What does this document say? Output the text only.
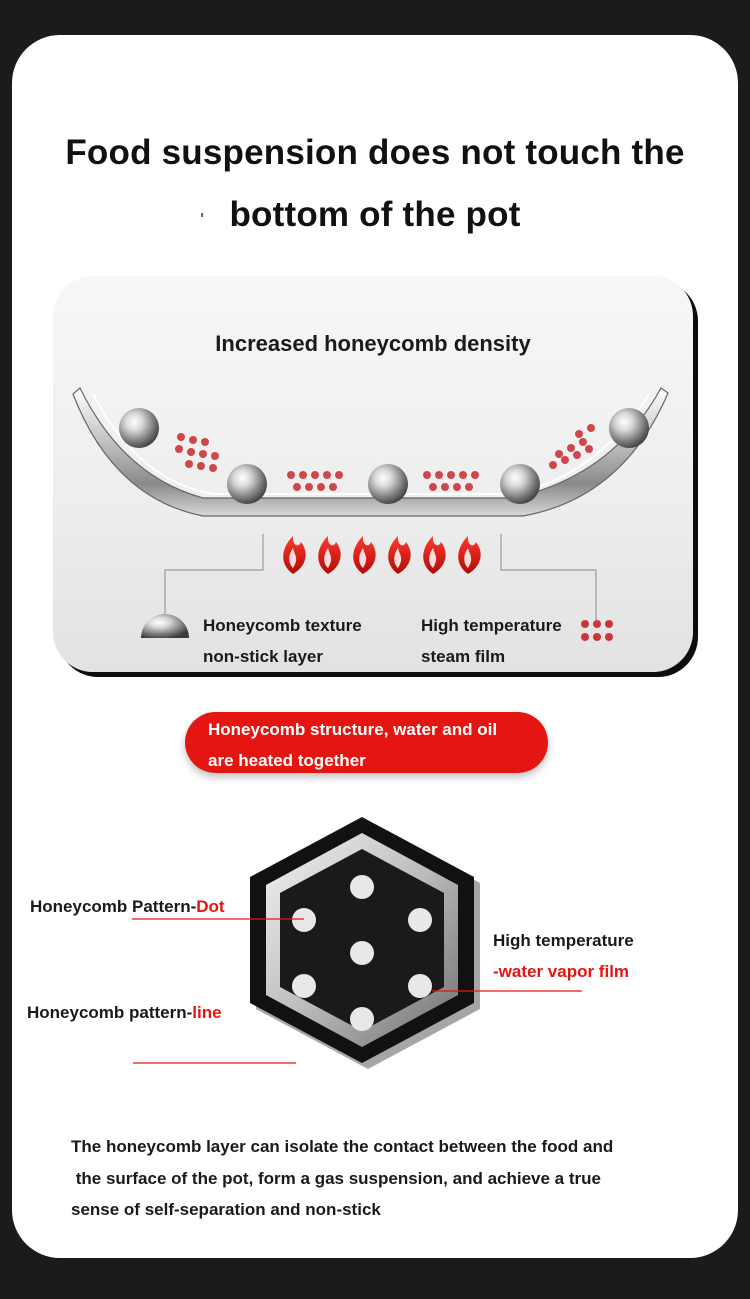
Food suspension does not touch the
bottom of the pot
Increased honeycomb density
Honeycomb texture
non-stick layer
High temperature
steam film
Honeycomb structure, water and oil
are heated together
Honeycomb Pattern-Dot
Honeycomb pattern-line
High temperature
-water vapor film
The honeycomb layer can isolate the contact between the food and
the surface of the pot, form a gas suspension, and achieve a true
sense of self-separation and non-stick
